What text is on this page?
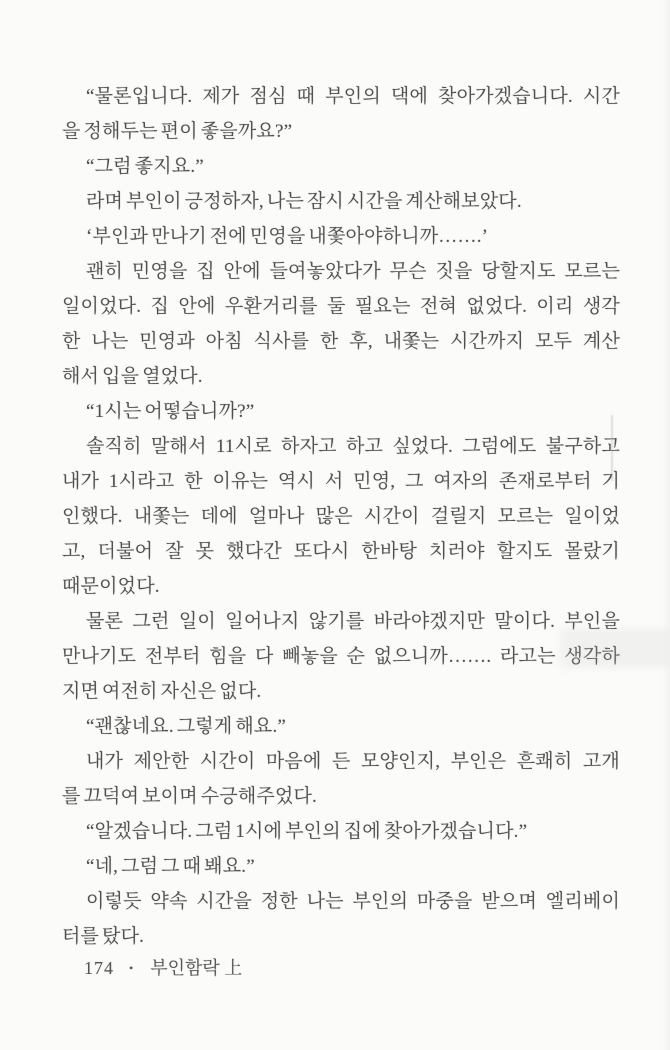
“물론입니다. 제가 점심 때 부인의 댁에 찾아가겠습니다. 시간
을 정해두는 편이 좋을까요?”
“그럼 좋지요.”
라며 부인이 긍정하자, 나는 잠시 시간을 계산해보았다.
‘부인과 만나기 전에 민영을 내쫓아야하니까…….’
괜히 민영을 집 안에 들여놓았다가 무슨 짓을 당할지도 모르는
일이었다. 집 안에 우환거리를 둘 필요는 전혀 없었다. 이리 생각
한 나는 민영과 아침 식사를 한 후, 내쫓는 시간까지 모두 계산
해서 입을 열었다.
“1시는 어떻습니까?”
솔직히 말해서 11시로 하자고 하고 싶었다. 그럼에도 불구하고
내가 1시라고 한 이유는 역시 서 민영, 그 여자의 존재로부터 기
인했다. 내쫓는 데에 얼마나 많은 시간이 걸릴지 모르는 일이었
고, 더불어 잘 못 했다간 또다시 한바탕 치러야 할지도 몰랐기
때문이었다.
물론 그런 일이 일어나지 않기를 바라야겠지만 말이다. 부인을
만나기도 전부터 힘을 다 빼놓을 순 없으니까……. 라고는 생각하
지면 여전히 자신은 없다.
“괜찮네요. 그렇게 해요.”
내가 제안한 시간이 마음에 든 모양인지, 부인은 흔쾌히 고개
를 끄덕여 보이며 수긍해주었다.
“알겠습니다. 그럼 1시에 부인의 집에 찾아가겠습니다.”
“네, 그럼 그 때 봬요.”
이렇듯 약속 시간을 정한 나는 부인의 마중을 받으며 엘리베이
터를 탔다.
174 • 부인함락 上
